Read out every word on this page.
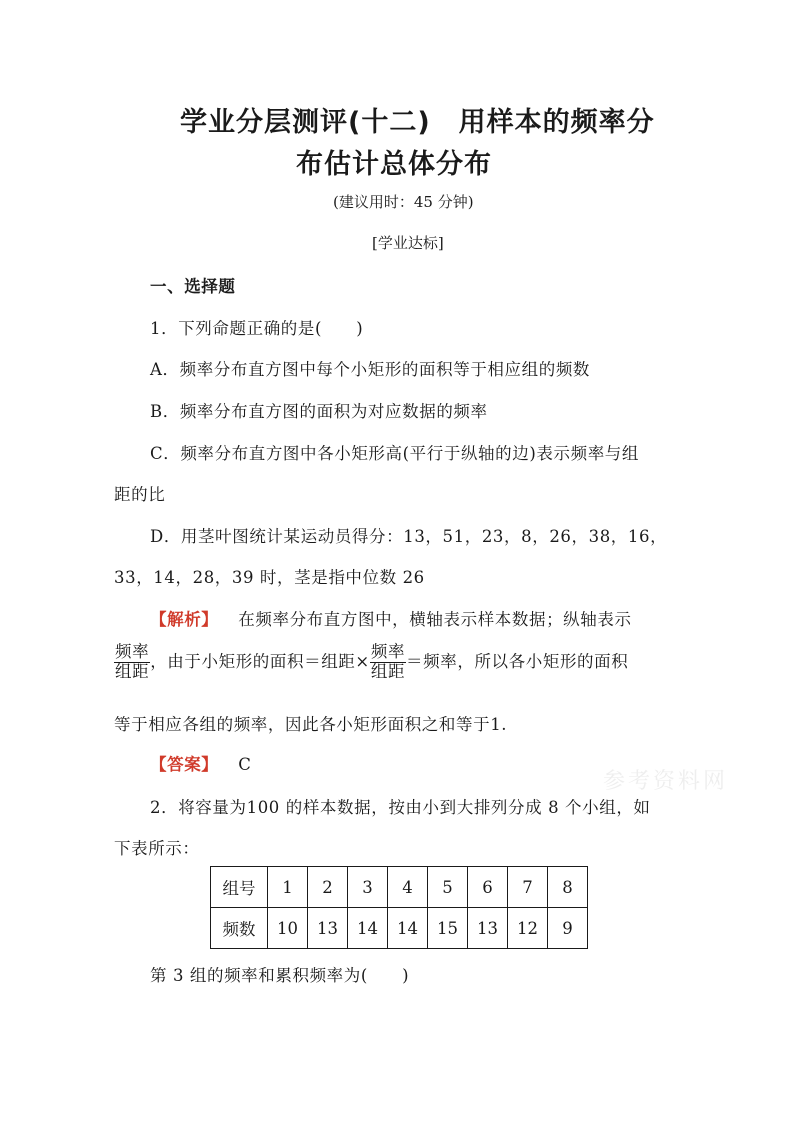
学业分层测评(十二)　用样本的频率分
布估计总体分布
(建议用时：45 分钟)
[学业达标]
一、选择题
1．下列命题正确的是(　　)
A．频率分布直方图中每个小矩形的面积等于相应组的频数
B．频率分布直方图的面积为对应数据的频率
C．频率分布直方图中各小矩形高(平行于纵轴的边)表示频率与组
距的比
D．用茎叶图统计某运动员得分：13，51，23，8，26，38，16，
33，14，28，39 时，茎是指中位数 26
【解析】 在频率分布直方图中，横轴表示样本数据；纵轴表示
$\frac{\text{频率}}{\text{组距}}$ ，由于小矩形的面积＝组距× $\frac{\text{频率}}{\text{组距}}$ ＝频率，所以各小矩形的面积
等于相应各组的频率，因此各小矩形面积之和等于1.
【答案】 C
参考资料网
2．将容量为100 的样本数据，按由小到大排列分成 8 个小组，如
下表所示：
组号	1	2	3	4	5	6	7	8
频数	10	13	14	14	15	13	12	9
第 3 组的频率和累积频率为(　　)
